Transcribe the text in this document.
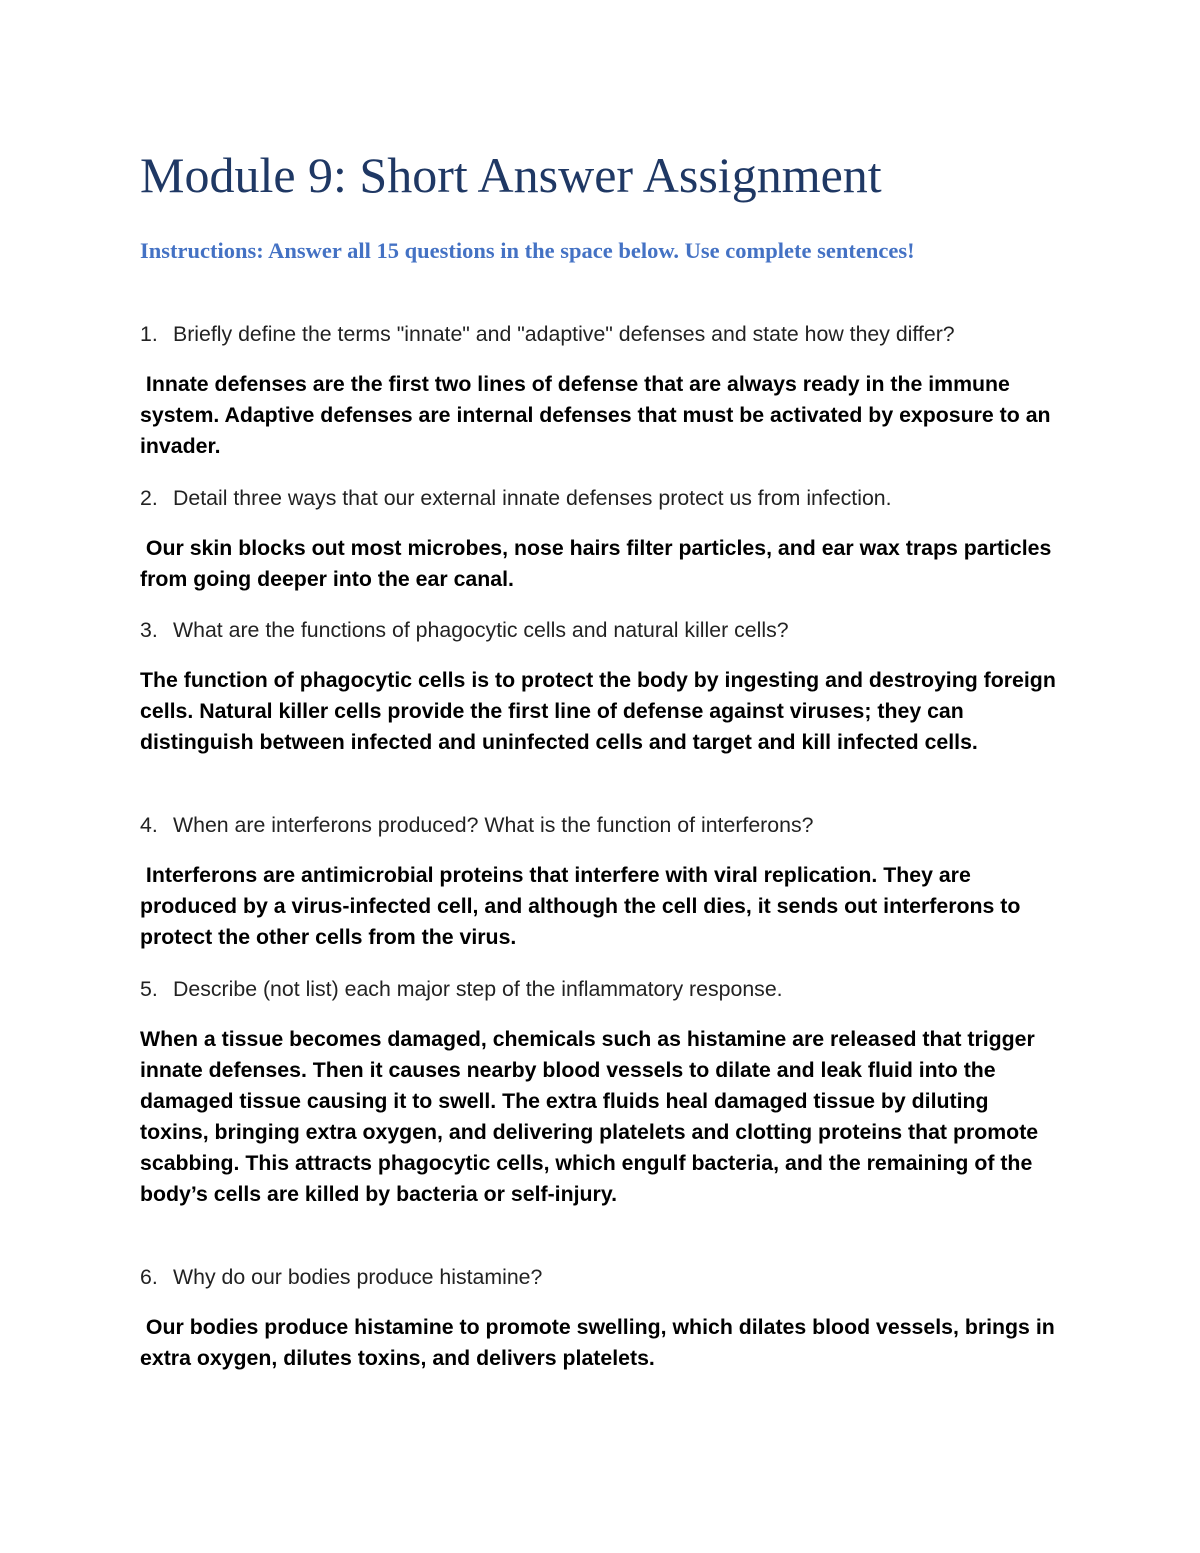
Module 9: Short Answer Assignment

Instructions: Answer all 15 questions in the space below. Use complete sentences!

1. Briefly define the terms "innate" and "adaptive" defenses and state how they differ?

Innate defenses are the first two lines of defense that are always ready in the immune system. Adaptive defenses are internal defenses that must be activated by exposure to an invader.

2. Detail three ways that our external innate defenses protect us from infection.

Our skin blocks out most microbes, nose hairs filter particles, and ear wax traps particles from going deeper into the ear canal.

3. What are the functions of phagocytic cells and natural killer cells?

The function of phagocytic cells is to protect the body by ingesting and destroying foreign cells. Natural killer cells provide the first line of defense against viruses; they can distinguish between infected and uninfected cells and target and kill infected cells.

4. When are interferons produced? What is the function of interferons?

Interferons are antimicrobial proteins that interfere with viral replication. They are produced by a virus-infected cell, and although the cell dies, it sends out interferons to protect the other cells from the virus.

5. Describe (not list) each major step of the inflammatory response.

When a tissue becomes damaged, chemicals such as histamine are released that trigger innate defenses. Then it causes nearby blood vessels to dilate and leak fluid into the damaged tissue causing it to swell. The extra fluids heal damaged tissue by diluting toxins, bringing extra oxygen, and delivering platelets and clotting proteins that promote scabbing. This attracts phagocytic cells, which engulf bacteria, and the remaining of the body’s cells are killed by bacteria or self-injury.

6. Why do our bodies produce histamine?

Our bodies produce histamine to promote swelling, which dilates blood vessels, brings in extra oxygen, dilutes toxins, and delivers platelets.
